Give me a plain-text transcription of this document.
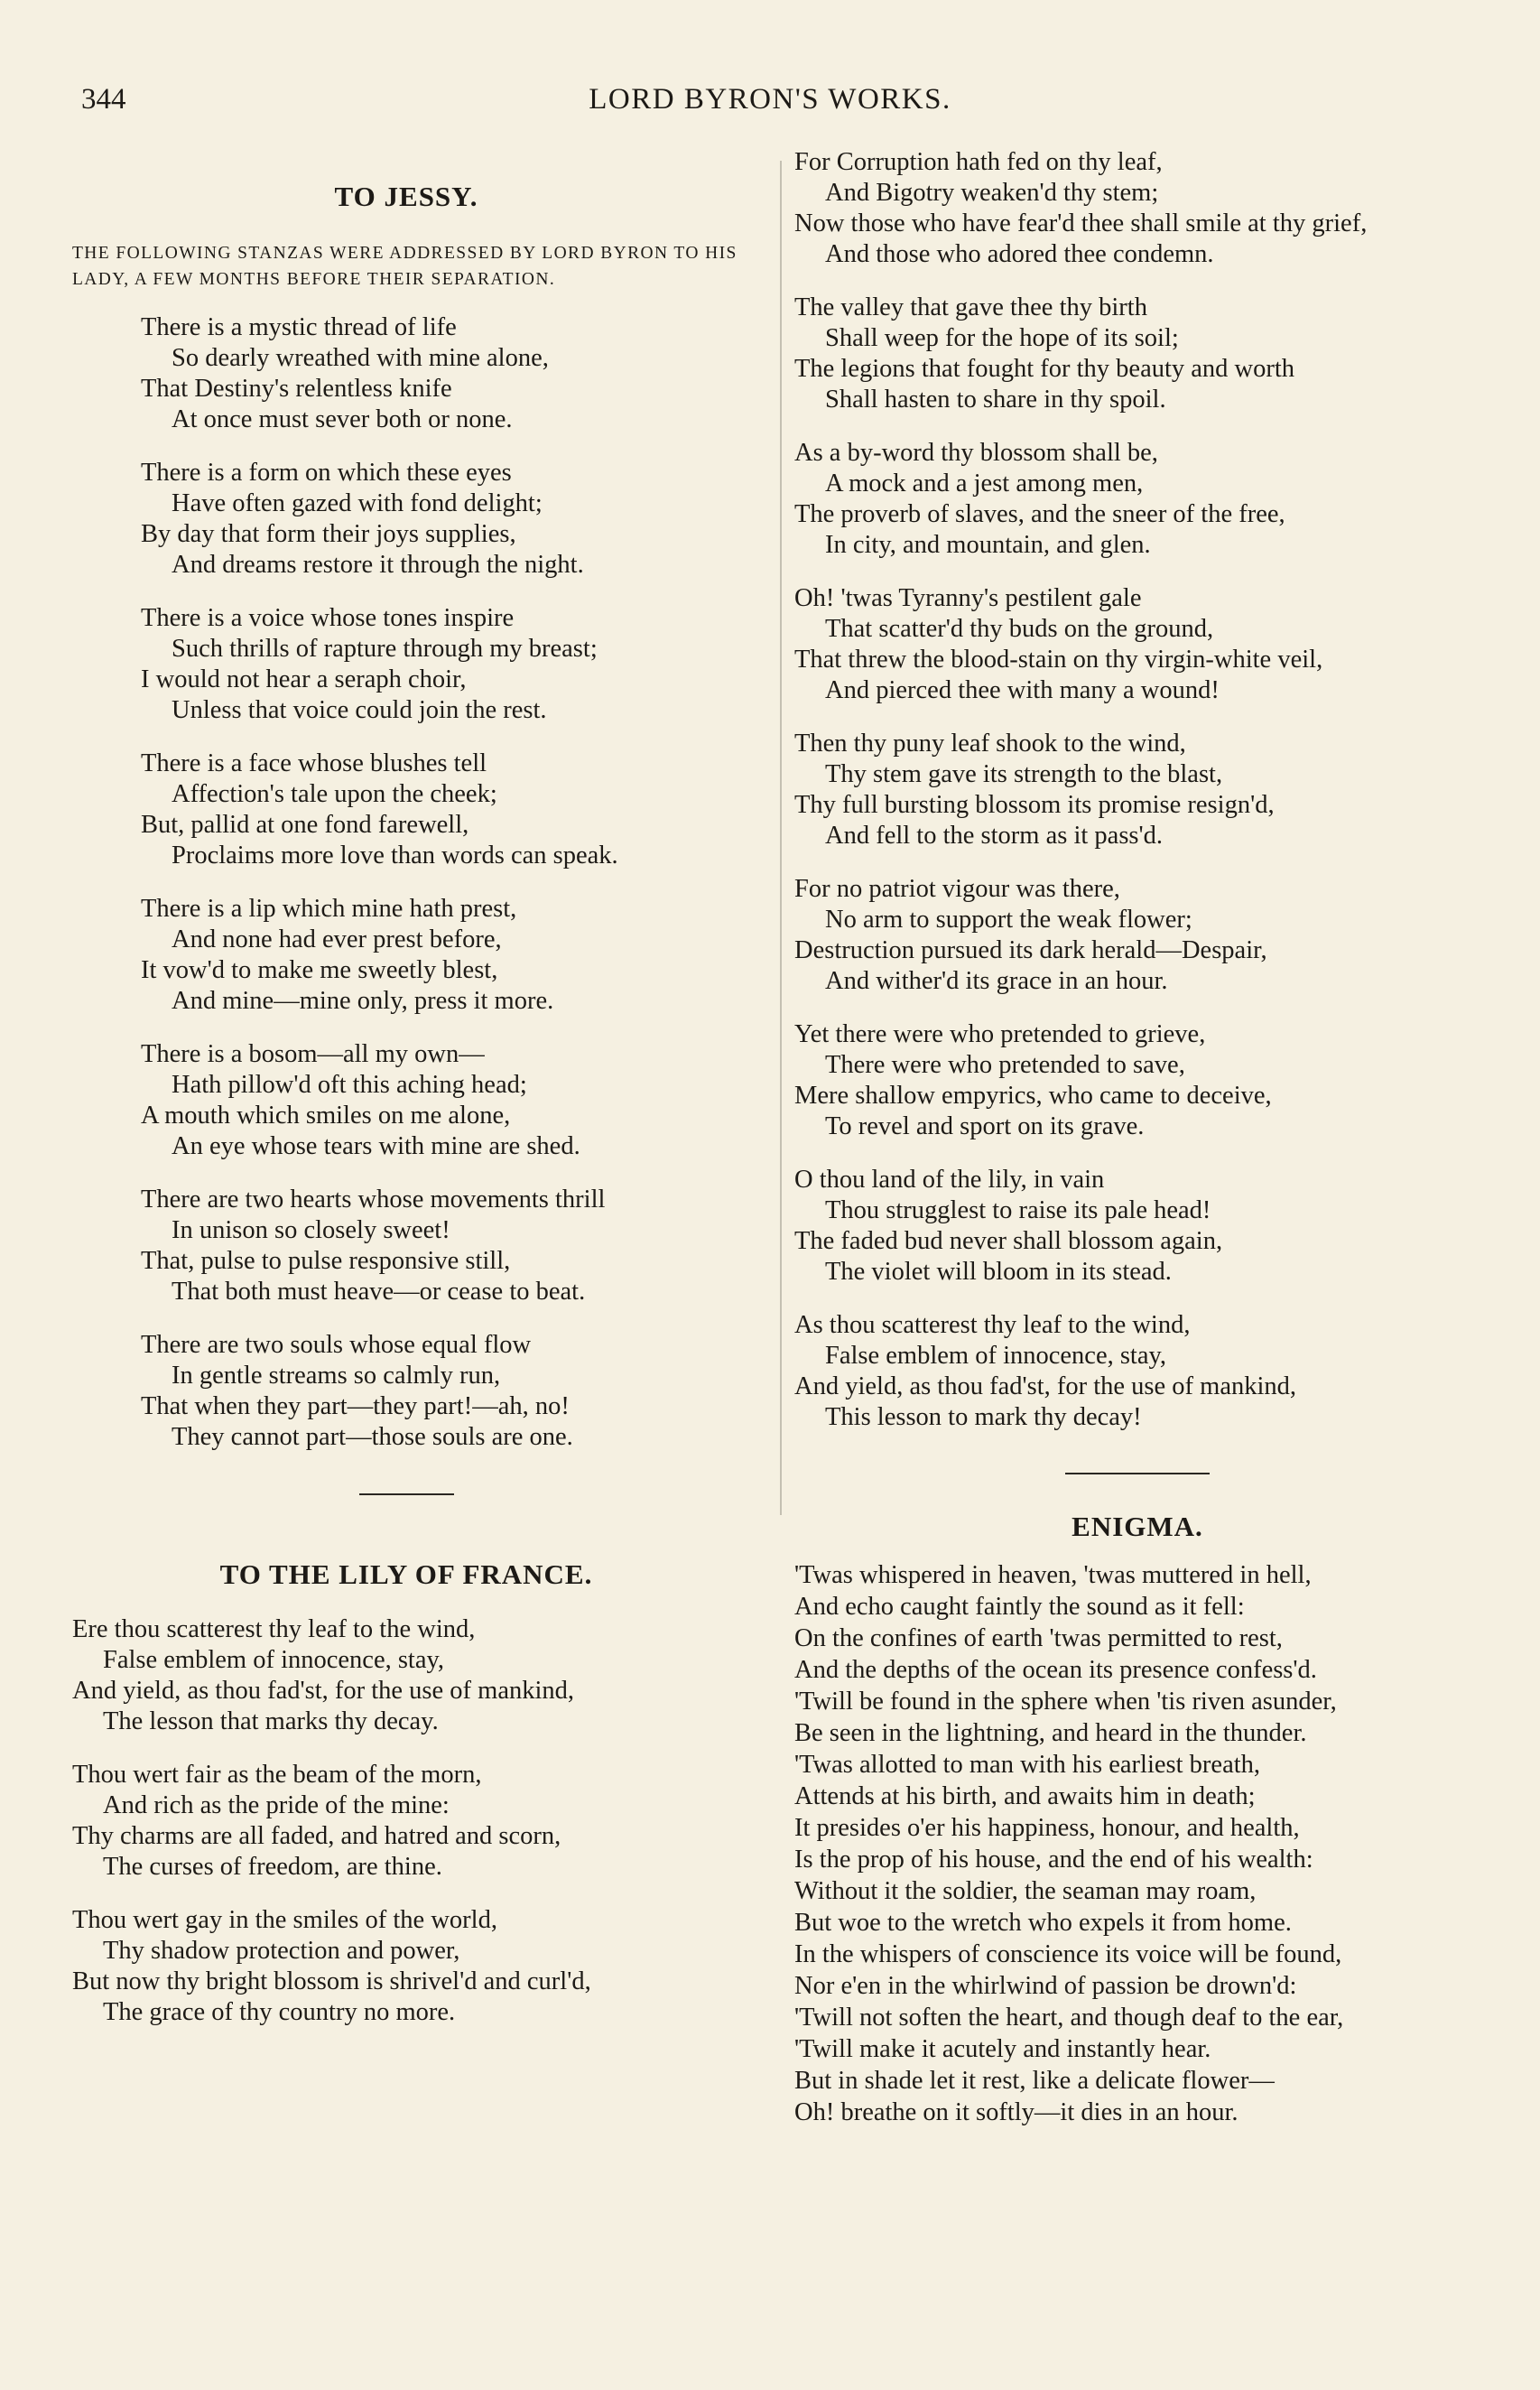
344	LORD BYRON'S WORKS.
TO JESSY.

THE FOLLOWING STANZAS WERE ADDRESSED BY LORD BYRON TO HIS LADY, A FEW MONTHS BEFORE THEIR SEPARATION.

There is a mystic thread of life
So dearly wreathed with mine alone,
That Destiny's relentless knife
At once must sever both or none.
There is a form on which these eyes
Have often gazed with fond delight;
By day that form their joys supplies,
And dreams restore it through the night.
There is a voice whose tones inspire
Such thrills of rapture through my breast;
I would not hear a seraph choir,
Unless that voice could join the rest.
There is a face whose blushes tell
Affection's tale upon the cheek;
But, pallid at one fond farewell,
Proclaims more love than words can speak.
There is a lip which mine hath prest,
And none had ever prest before,
It vow'd to make me sweetly blest,
And mine—mine only, press it more.
There is a bosom—all my own—
Hath pillow'd oft this aching head;
A mouth which smiles on me alone,
An eye whose tears with mine are shed.
There are two hearts whose movements thrill
In unison so closely sweet!
That, pulse to pulse responsive still,
That both must heave—or cease to beat.
There are two souls whose equal flow
In gentle streams so calmly run,
That when they part—they part!—ah, no!
They cannot part—those souls are one.
TO THE LILY OF FRANCE.
Ere thou scatterest thy leaf to the wind,
False emblem of innocence, stay,
And yield, as thou fad'st, for the use of mankind,
The lesson that marks thy decay.
Thou wert fair as the beam of the morn,
And rich as the pride of the mine:
Thy charms are all faded, and hatred and scorn,
The curses of freedom, are thine.
Thou wert gay in the smiles of the world,
Thy shadow protection and power,
But now thy bright blossom is shrivel'd and curl'd,
The grace of thy country no more.
For Corruption hath fed on thy leaf,
And Bigotry weaken'd thy stem;
Now those who have fear'd thee shall smile at thy grief,
And those who adored thee condemn.
The valley that gave thee thy birth
Shall weep for the hope of its soil;
The legions that fought for thy beauty and worth
Shall hasten to share in thy spoil.
As a by-word thy blossom shall be,
A mock and a jest among men,
The proverb of slaves, and the sneer of the free,
In city, and mountain, and glen.
Oh! 'twas Tyranny's pestilent gale
That scatter'd thy buds on the ground,
That threw the blood-stain on thy virgin-white veil,
And pierced thee with many a wound!
Then thy puny leaf shook to the wind,
Thy stem gave its strength to the blast,
Thy full bursting blossom its promise resign'd,
And fell to the storm as it pass'd.
For no patriot vigour was there,
No arm to support the weak flower;
Destruction pursued its dark herald—Despair,
And wither'd its grace in an hour.
Yet there were who pretended to grieve,
There were who pretended to save,
Mere shallow empyrics, who came to deceive,
To revel and sport on its grave.
O thou land of the lily, in vain
Thou strugglest to raise its pale head!
The faded bud never shall blossom again,
The violet will bloom in its stead.
As thou scatterest thy leaf to the wind,
False emblem of innocence, stay,
And yield, as thou fad'st, for the use of mankind,
This lesson to mark thy decay!
ENIGMA.
'Twas whispered in heaven, 'twas muttered in hell,
And echo caught faintly the sound as it fell:
On the confines of earth 'twas permitted to rest,
And the depths of the ocean its presence confess'd.
'Twill be found in the sphere when 'tis riven asunder,
Be seen in the lightning, and heard in the thunder.
'Twas allotted to man with his earliest breath,
Attends at his birth, and awaits him in death;
It presides o'er his happiness, honour, and health,
Is the prop of his house, and the end of his wealth:
Without it the soldier, the seaman may roam,
But woe to the wretch who expels it from home.
In the whispers of conscience its voice will be found,
Nor e'en in the whirlwind of passion be drown'd:
'Twill not soften the heart, and though deaf to the ear,
'Twill make it acutely and instantly hear.
But in shade let it rest, like a delicate flower—
Oh! breathe on it softly—it dies in an hour.
